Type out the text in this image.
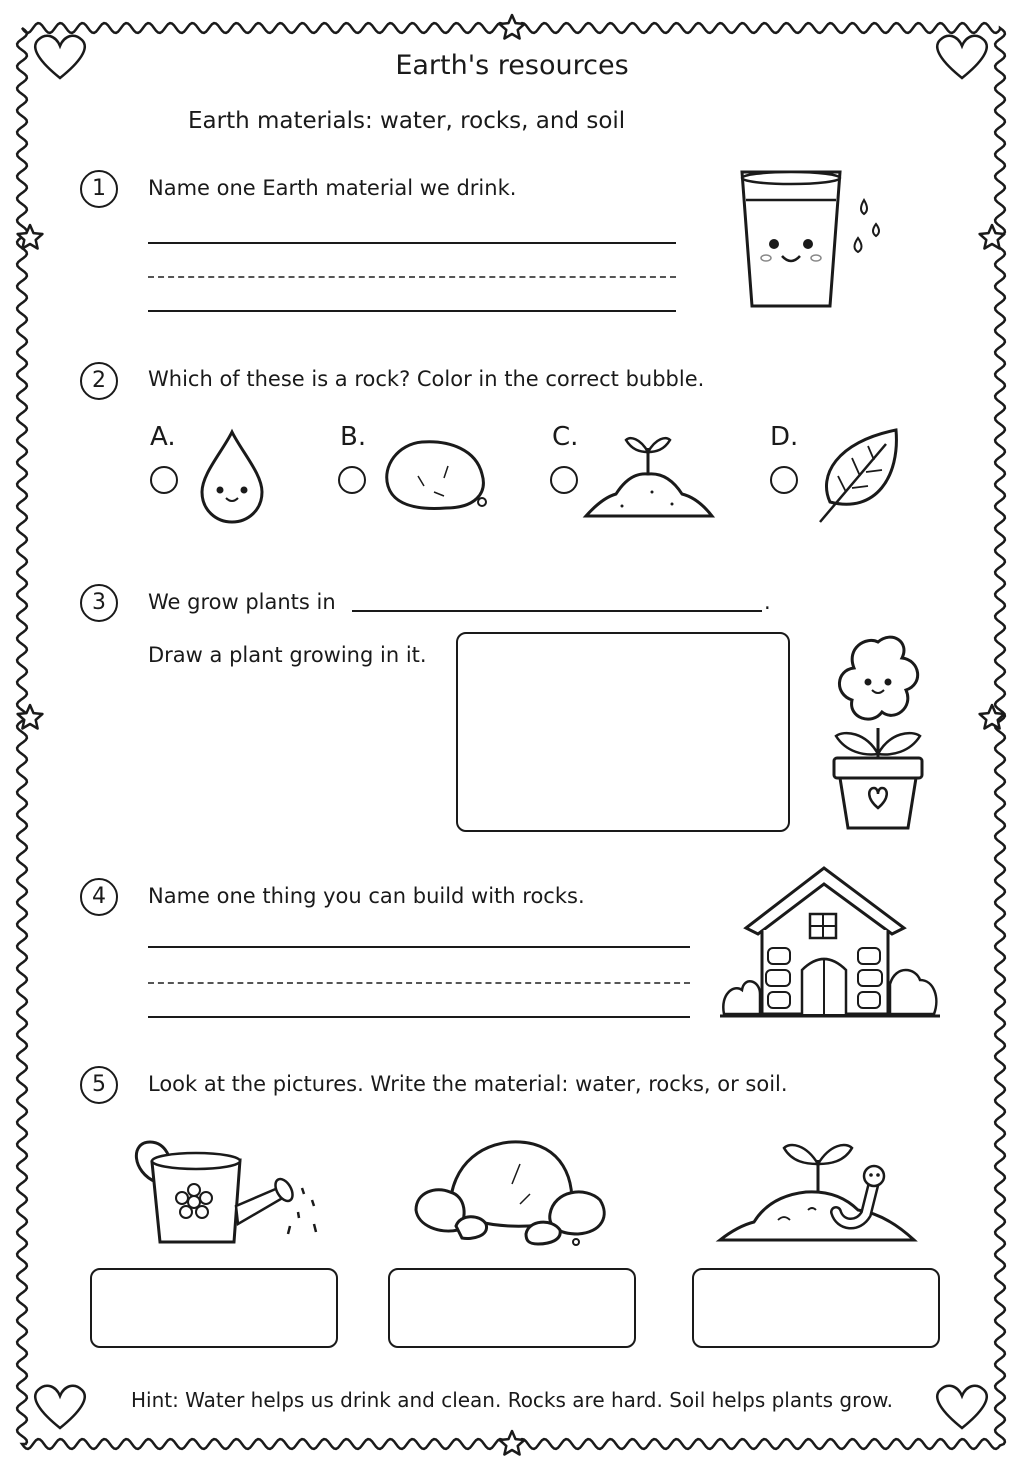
Earth's resources
Earth materials: water, rocks, and soil
1	Name one Earth material we drink.
2	Which of these is a rock? Color in the correct bubble.
A.	B.	C.	D.
3	We grow plants in	.
Draw a plant growing in it.
4	Name one thing you can build with rocks.
5	Look at the pictures. Write the material: water, rocks, or soil.
Hint: Water helps us drink and clean. Rocks are hard. Soil helps plants grow.
